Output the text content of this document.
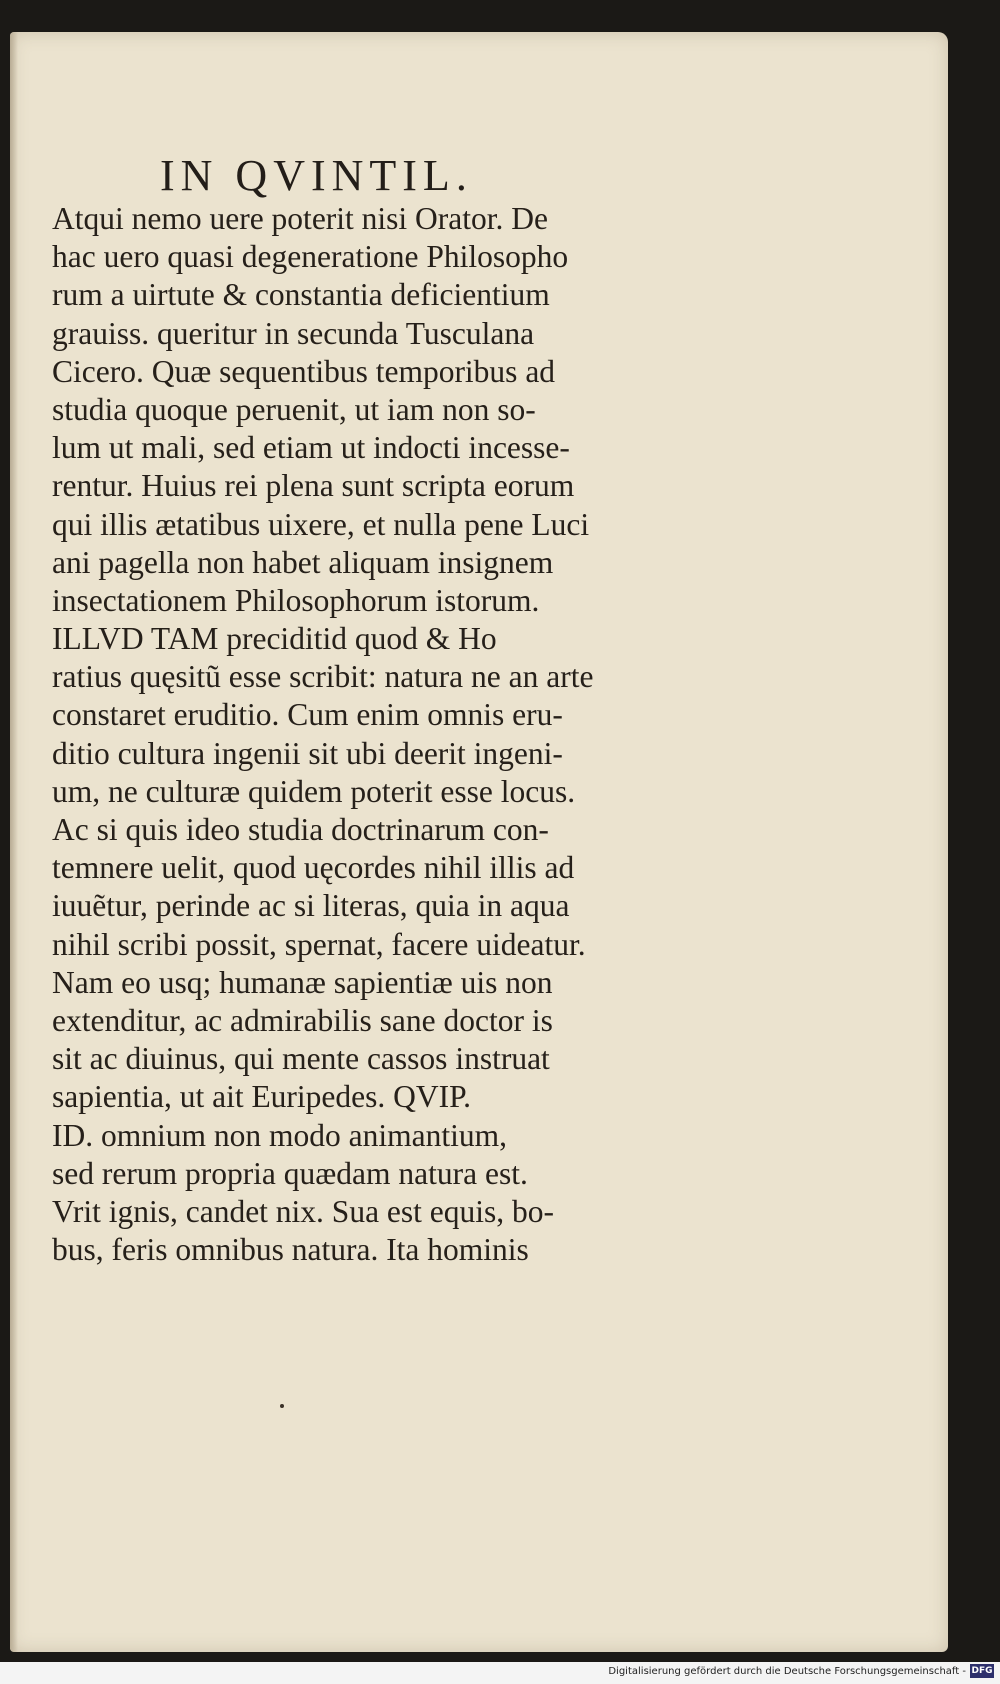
IN QVINTIL.
Atqui nemo uere poterit nisi Orator. De
hac uero quasi degeneratione Philosopho
rum a uirtute & constantia deficientium
grauiss. queritur in secunda Tusculana
Cicero. Quæ sequentibus temporibus ad
studia quoque peruenit, ut iam non so-
lum ut mali, sed etiam ut indocti incesse-
rentur. Huius rei plena sunt scripta eorum
qui illis ætatibus uixere, et nulla pene Luci
ani pagella non habet aliquam insignem
insectationem Philosophorum istorum.
ILLVD TAM preciditid quod & Ho
ratius quęsitũ esse scribit: natura ne an arte
constaret eruditio. Cum enim omnis eru-
ditio cultura ingenii sit ubi deerit ingeni-
um, ne culturæ quidem poterit esse locus.
Ac si quis ideo studia doctrinarum con-
temnere uelit, quod uęcordes nihil illis ad
iuuẽtur, perinde ac si literas, quia in aqua
nihil scribi possit, spernat, facere uideatur.
Nam eo usq; humanæ sapientiæ uis non
extenditur, ac admirabilis sane doctor is
sit ac diuinus, qui mente cassos instruat
sapientia, ut ait Euripedes. QVIP.
ID. omnium non modo animantium,
sed rerum propria quædam natura est.
Vrit ignis, candet nix. Sua est equis, bo-
bus, feris omnibus natura. Ita hominis
Digitalisierung gefördert durch die Deutsche Forschungsgemeinschaft - DFG
